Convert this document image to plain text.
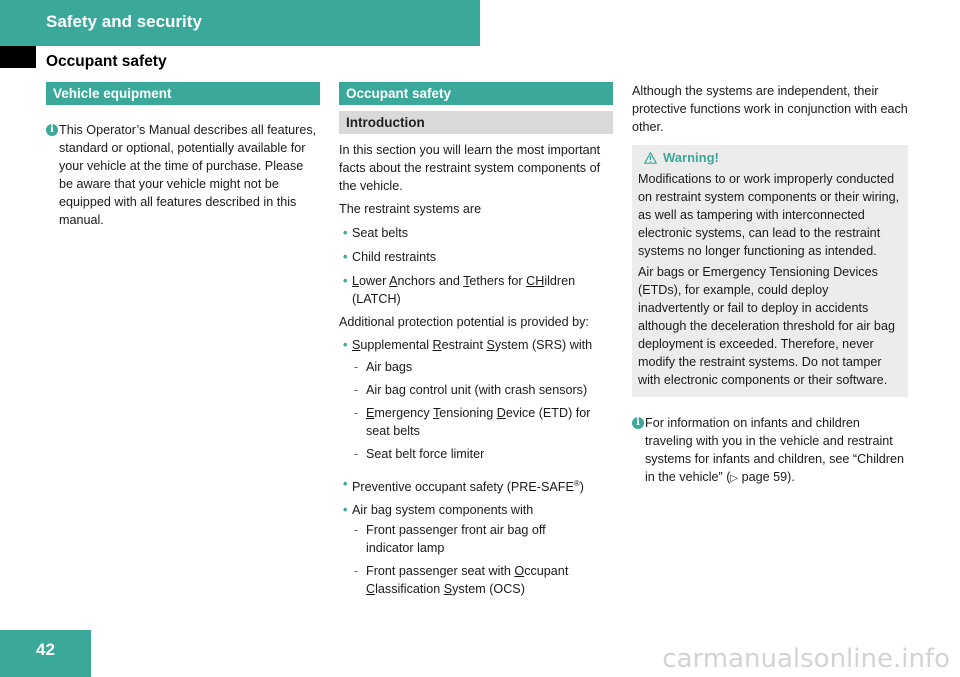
Safety and security
Occupant safety
Vehicle equipment
i This Operator’s Manual describes all features, standard or optional, potentially available for your vehicle at the time of purchase. Please be aware that your vehicle might not be equipped with all features described in this manual.

Occupant safety
Introduction

In this section you will learn the most important facts about the restraint system components of the vehicle.

The restraint systems are

• Seat belts
• Child restraints
• Lower Anchors and Tethers for CHildren
(LATCH)

Additional protection potential is provided by:

• Supplemental Restraint System (SRS) with
- Air bags
- Air bag control unit (with crash sensors)
- Emergency Tensioning Device (ETD) for
seat belts
- Seat belt force limiter
• Preventive occupant safety (PRE-SAFE®)
• Air bag system components with
- Front passenger front air bag off
indicator lamp
- Front passenger seat with Occupant
Classification System (OCS)

Although the systems are independent, their protective functions work in conjunction with each other.

Warning!

Modifications to or work improperly conducted on restraint system components or their wiring, as well as tampering with interconnected electronic systems, can lead to the restraint systems no longer functioning as intended.

Air bags or Emergency Tensioning Devices (ETDs), for example, could deploy inadvertently or fail to deploy in accidents although the deceleration threshold for air bag deployment is exceeded. Therefore, never modify the restraint systems. Do not tamper with electronic components or their software.

i For information on infants and children traveling with you in the vehicle and restraint systems for infants and children, see “Children in the vehicle” (▷ page 59).

42	carmanualsonline.info
